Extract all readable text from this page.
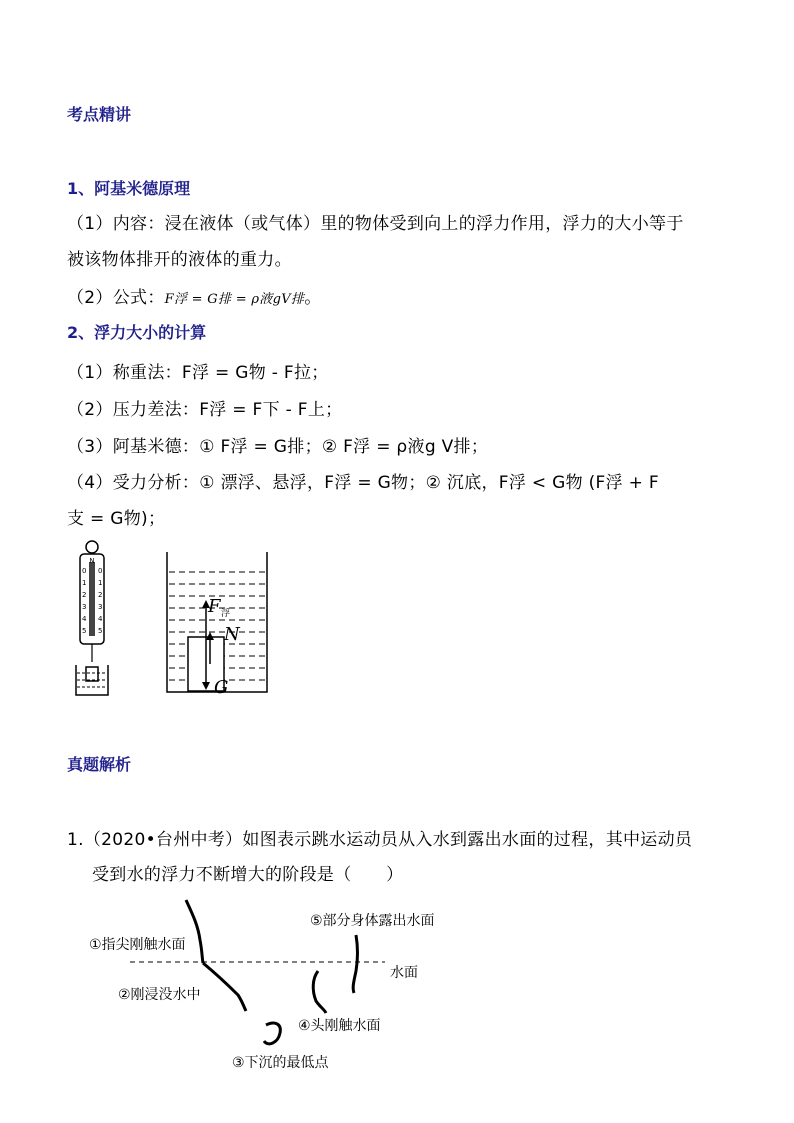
考点精讲
1、阿基米德原理
（1）内容：浸在液体（或气体）里的物体受到向上的浮力作用，浮力的大小等于
被该物体排开的液体的重力。
（2）公式：F浮 = G排 = ρ液gV排。
2、浮力大小的计算
（1）称重法：F浮 = G物 - F拉；
（2）压力差法：F浮 = F下 - F上；
（3）阿基米德：① F浮 = G排；② F浮 = ρ液g V排；
（4）受力分析：① 漂浮、悬浮，F浮 = G物；② 沉底，F浮 < G物 (F浮 + F
支 = G物)；
N
0
1
2
3
4
5
0
1
2
3
4
5
F 浮
N
G
真题解析
1.（2020•台州中考）如图表示跳水运动员从入水到露出水面的过程，其中运动员
受到水的浮力不断增大的阶段是（　　）
①指尖刚触水面
②刚浸没水中
③下沉的最低点
④头刚触水面
⑤部分身体露出水面
水面
